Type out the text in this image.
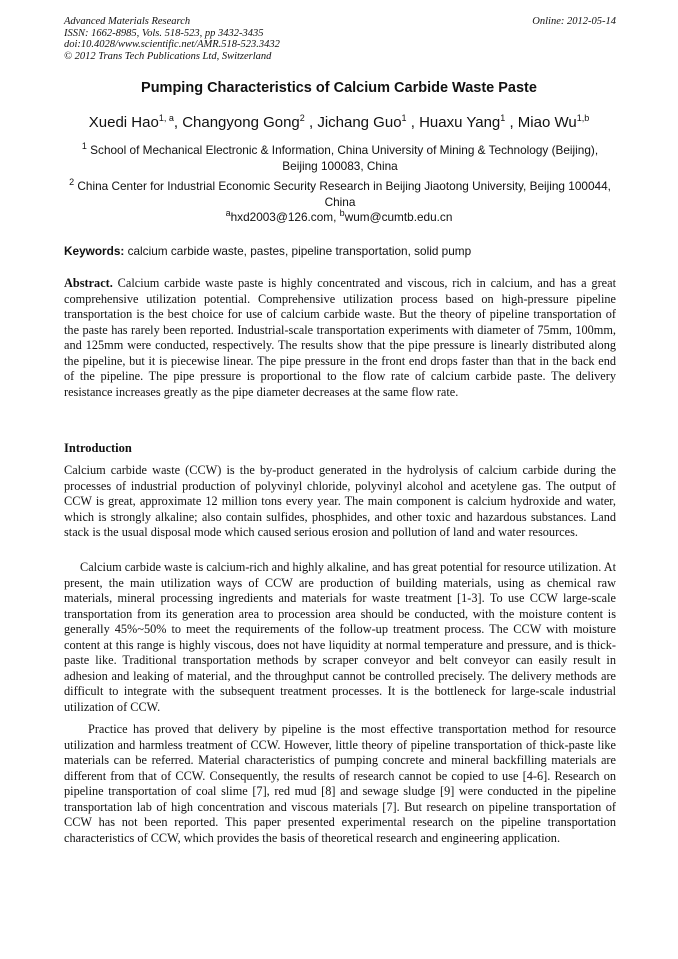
Advanced Materials Research
ISSN: 1662-8985, Vols. 518-523, pp 3432-3435
doi:10.4028/www.scientific.net/AMR.518-523.3432
© 2012 Trans Tech Publications Ltd, Switzerland
Online: 2012-05-14
Pumping Characteristics of Calcium Carbide Waste Paste
Xuedi Hao$^{1, a}$, Changyong Gong$^2$ , Jichang Guo$^1$ , Huaxu Yang$^1$ , Miao Wu$^{1,b}$
$^1$ School of Mechanical Electronic & Information, China University of Mining & Technology (Beijing), Beijing 100083, China
$^2$ China Center for Industrial Economic Security Research in Beijing Jiaotong University, Beijing 100044, China
$^a$hxd2003@126.com, $^b$wum@cumtb.edu.cn
Keywords: calcium carbide waste, pastes, pipeline transportation, solid pump

Abstract. Calcium carbide waste paste is highly concentrated and viscous, rich in calcium, and has a great comprehensive utilization potential. Comprehensive utilization process based on high-pressure pipeline transportation is the best choice for use of calcium carbide waste. But the theory of pipeline transportation of the paste has rarely been reported. Industrial-scale transportation experiments with diameter of 75mm, 100mm, and 125mm were conducted, respectively. The results show that the pipe pressure is linearly distributed along the pipeline, but it is piecewise linear. The pipe pressure in the front end drops faster than that in the back end of the pipeline. The pipe pressure is proportional to the flow rate of calcium carbide paste. The delivery resistance increases greatly as the pipe diameter decreases at the same flow rate.

Introduction

Calcium carbide waste (CCW) is the by-product generated in the hydrolysis of calcium carbide during the processes of industrial production of polyvinyl chloride, polyvinyl alcohol and acetylene gas. The output of CCW is great, approximate 12 million tons every year. The main component is calcium hydroxide and water, which is strongly alkaline; also contain sulfides, phosphides, and other toxic and hazardous substances. Land stack is the usual disposal mode which caused serious erosion and pollution of land and water resources.

Calcium carbide waste is calcium-rich and highly alkaline, and has great potential for resource utilization. At present, the main utilization ways of CCW are production of building materials, using as chemical raw materials, mineral processing ingredients and materials for waste treatment [1-3]. To use CCW large-scale transportation from its generation area to procession area should be conducted, with the moisture content is generally 45%~50% to meet the requirements of the follow-up treatment process. The CCW with moisture content at this range is highly viscous, does not have liquidity at normal temperature and pressure, and is thick-paste like. Traditional transportation methods by scraper conveyor and belt conveyor can easily result in adhesion and leaking of material, and the throughput cannot be controlled precisely. The delivery methods are difficult to integrate with the subsequent treatment processes. It is the bottleneck for large-scale industrial utilization of CCW.

Practice has proved that delivery by pipeline is the most effective transportation method for resource utilization and harmless treatment of CCW. However, little theory of pipeline transportation of thick-paste like materials can be referred. Material characteristics of pumping concrete and mineral backfilling materials are different from that of CCW. Consequently, the results of research cannot be copied to use [4-6]. Research on pipeline transportation of coal slime [7], red mud [8] and sewage sludge [9] were conducted in the pipeline transportation lab of high concentration and viscous materials [7]. But research on pipeline transportation of CCW has not been reported. This paper presented experimental research on the pipeline transportation characteristics of CCW, which provides the basis of theoretical research and engineering application.
